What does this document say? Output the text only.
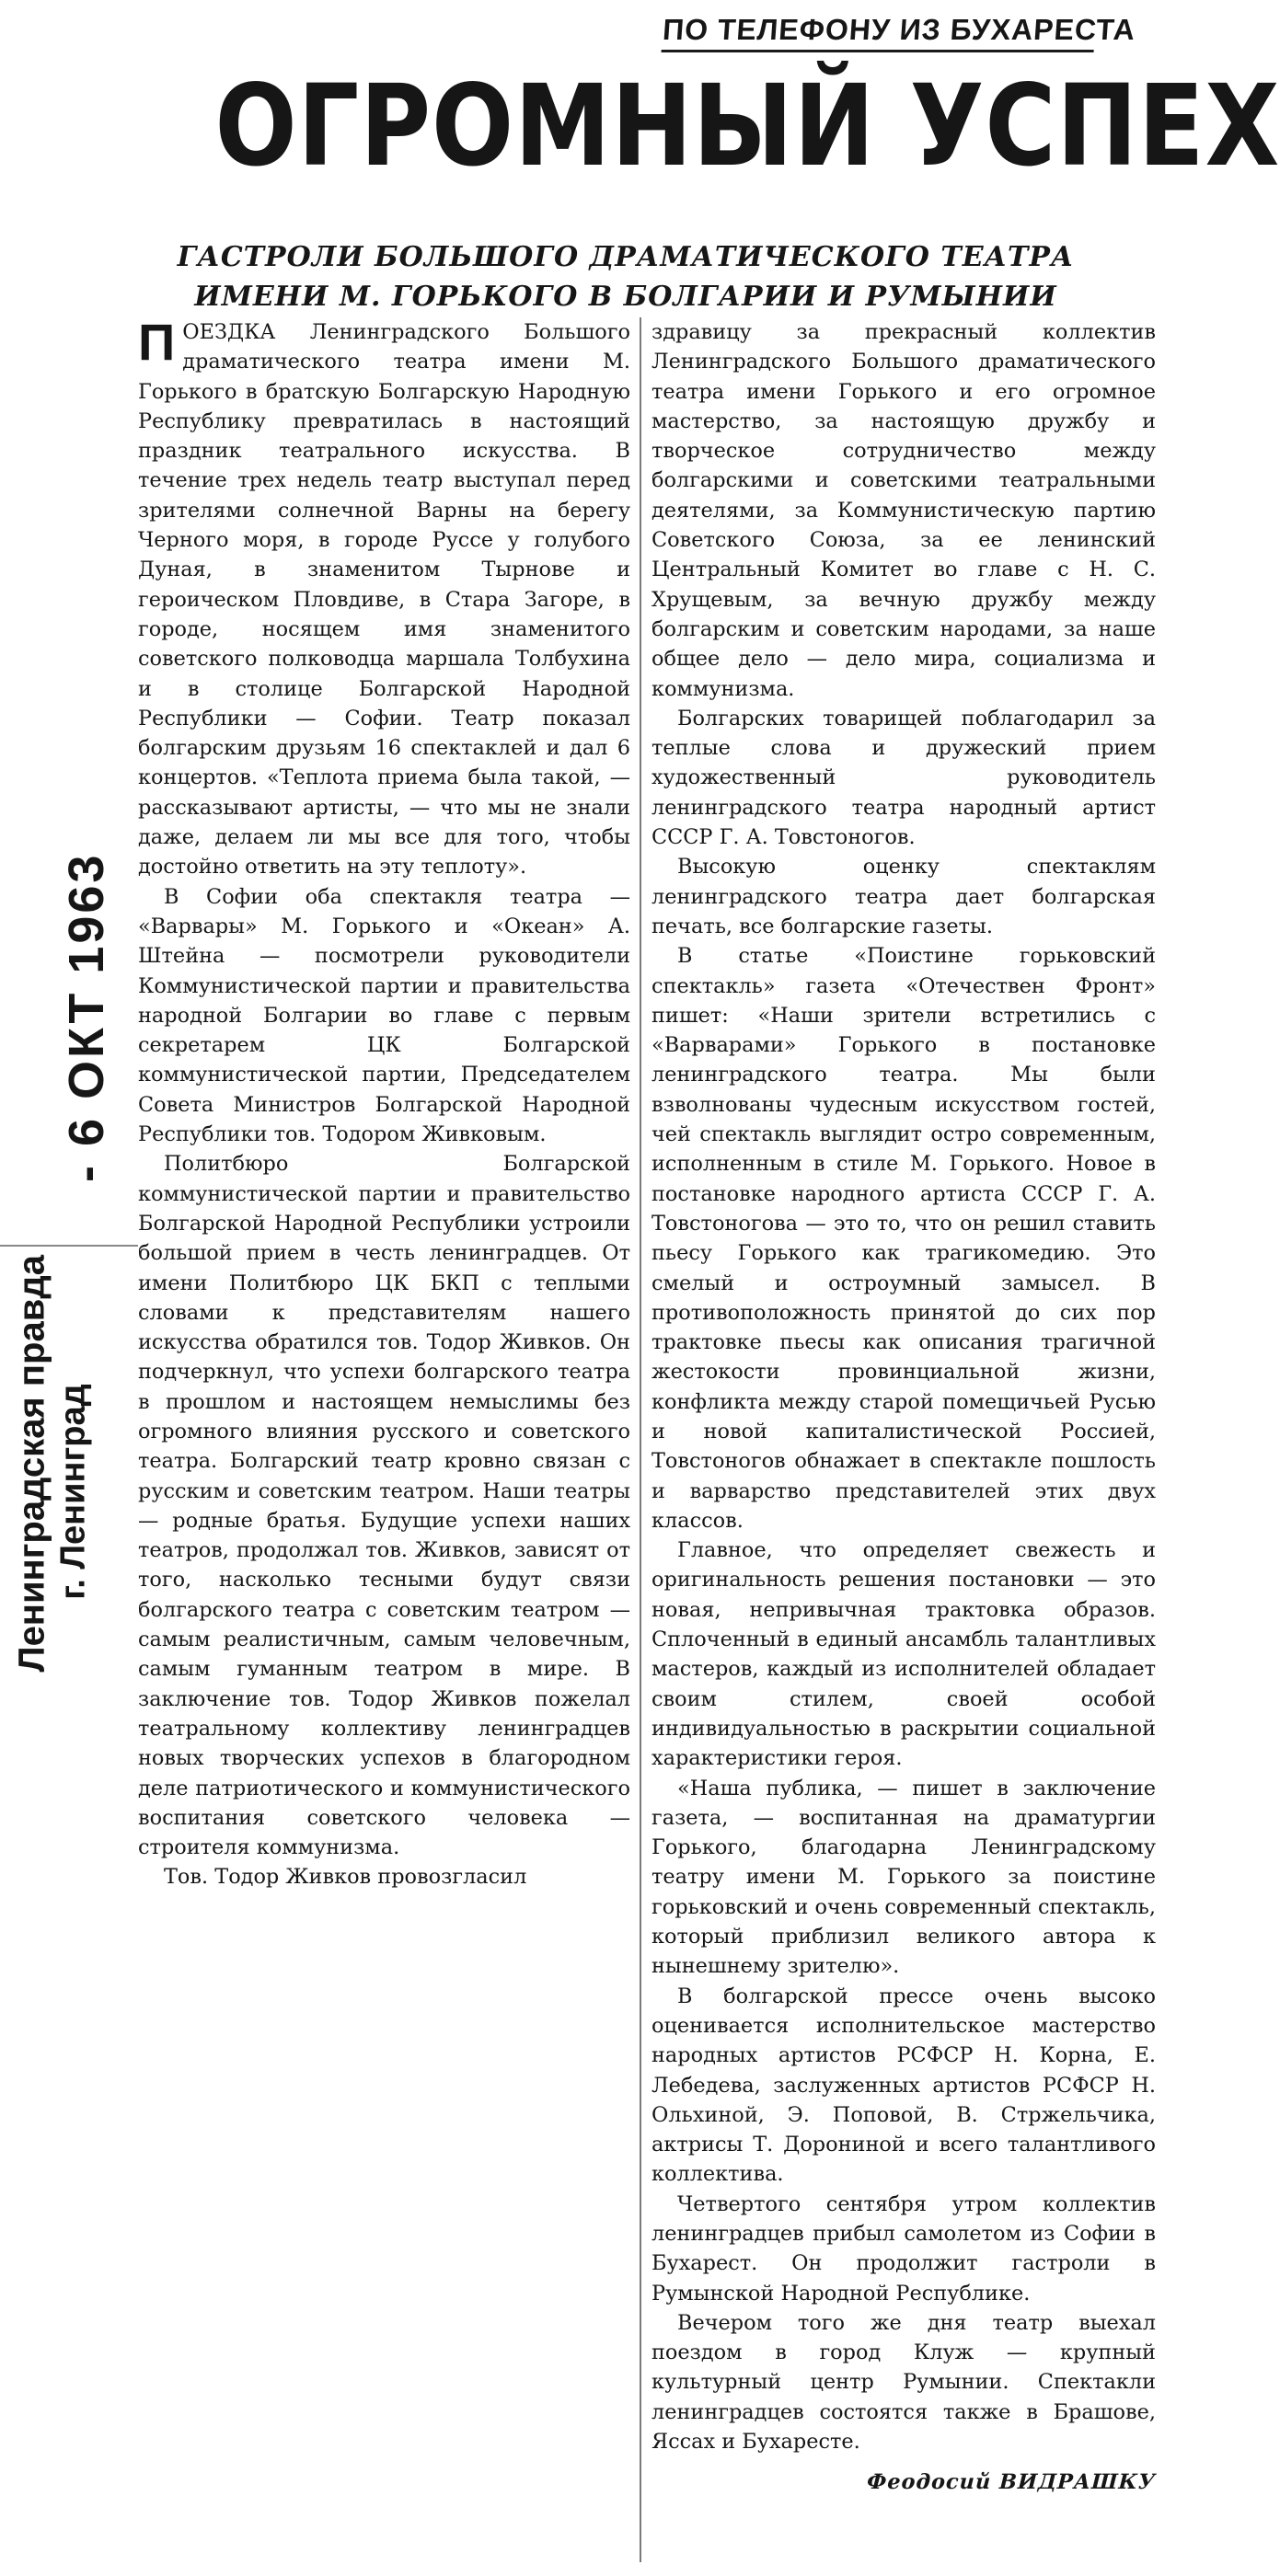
ПО ТЕЛЕФОНУ ИЗ БУХАРЕСТА
ОГРОМНЫЙ УСПЕХ
ГАСТРОЛИ БОЛЬШОГО ДРАМАТИЧЕСКОГО ТЕАТРА
ИМЕНИ М. ГОРЬКОГО В БОЛГАРИИ И РУМЫНИИ
- 6 ОКТ 1963
Ленинградская правда г. Ленинград

ПОЕЗДКА Ленинградского Большого драматического театра имени М. Горького в братскую Болгарскую Народную Республику превратилась в настоящий праздник театрального искусства. В течение трех недель театр выступал перед зрителями солнечной Варны на берегу Черного моря, в городе Руссе у голубого Дуная, в знаменитом Тырнове и героическом Пловдиве, в Стара Загоре, в городе, носящем имя знаменитого советского полководца маршала Толбухина и в столице Болгарской Народной Республики — Софии. Театр показал болгарским друзьям 16 спектаклей и дал 6 концертов. «Теплота приема была такой, — рассказывают артисты, — что мы не знали даже, делаем ли мы все для того, чтобы достойно ответить на эту теплоту».

В Софии оба спектакля театра — «Варвары» М. Горького и «Океан» А. Штейна — посмотрели руководители Коммунистической партии и правительства народной Болгарии во главе с первым секретарем ЦК Болгарской коммунистической партии, Председателем Совета Министров Болгарской Народной Республики тов. Тодором Живковым.

Политбюро Болгарской коммунистической партии и правительство Болгарской Народной Республики устроили большой прием в честь ленинградцев. От имени Политбюро ЦК БКП с теплыми словами к представителям нашего искусства обратился тов. Тодор Живков. Он подчеркнул, что успехи болгарского театра в прошлом и настоящем немыслимы без огромного влияния русского и советского театра. Болгарский театр кровно связан с русским и советским театром. Наши театры — родные братья. Будущие успехи наших театров, продолжал тов. Живков, зависят от того, насколько тесными будут связи болгарского театра с советским театром — самым реалистичным, самым человечным, самым гуманным театром в мире. В заключение тов. Тодор Живков пожелал театральному коллективу ленинградцев новых творческих успехов в благородном деле патриотического и коммунистического воспитания советского человека — строителя коммунизма.

Тов. Тодор Живков провозгласил

здравицу за прекрасный коллектив Ленинградского Большого драматического театра имени Горького и его огромное мастерство, за настоящую дружбу и творческое сотрудничество между болгарскими и советскими театральными деятелями, за Коммунистическую партию Советского Союза, за ее ленинский Центральный Комитет во главе с Н. С. Хрущевым, за вечную дружбу между болгарским и советским народами, за наше общее дело — дело мира, социализма и коммунизма.

Болгарских товарищей поблагодарил за теплые слова и дружеский прием художественный руководитель ленинградского театра народный артист СССР Г. А. Товстоногов.

Высокую оценку спектаклям ленинградского театра дает болгарская печать, все болгарские газеты.

В статье «Поистине горьковский спектакль» газета «Отечествен Фронт» пишет: «Наши зрители встретились с «Варварами» Горького в постановке ленинградского театра. Мы были взволнованы чудесным искусством гостей, чей спектакль выглядит остро современным, исполненным в стиле М. Горького. Новое в постановке народного артиста СССР Г. А. Товстоногова — это то, что он решил ставить пьесу Горького как трагикомедию. Это смелый и остроумный замысел. В противоположность принятой до сих пор трактовке пьесы как описания трагичной жестокости провинциальной жизни, конфликта между старой помещичьей Русью и новой капиталистической Россией, Товстоногов обнажает в спектакле пошлость и варварство представителей этих двух классов.

Главное, что определяет свежесть и оригинальность решения постановки — это новая, непривычная трактовка образов. Сплоченный в единый ансамбль талантливых мастеров, каждый из исполнителей обладает своим стилем, своей особой индивидуальностью в раскрытии социальной характеристики героя.

«Наша публика, — пишет в заключение газета, — воспитанная на драматургии Горького, благодарна Ленинградскому театру имени М. Горького за поистине горьковский и очень современный спектакль, который приблизил великого автора к нынешнему зрителю».

В болгарской прессе очень высоко оценивается исполнительское мастерство народных артистов РСФСР Н. Корна, Е. Лебедева, заслуженных артистов РСФСР Н. Ольхиной, Э. Поповой, В. Стржельчика, актрисы Т. Дорониной и всего талантливого коллектива.

Четвертого сентября утром коллектив ленинградцев прибыл самолетом из Софии в Бухарест. Он продолжит гастроли в Румынской Народной Республике.

Вечером того же дня театр выехал поездом в город Клуж — крупный культурный центр Румынии. Спектакли ленинградцев состоятся также в Брашове, Яссах и Бухаресте.

Феодосий ВИДРАШКУ
